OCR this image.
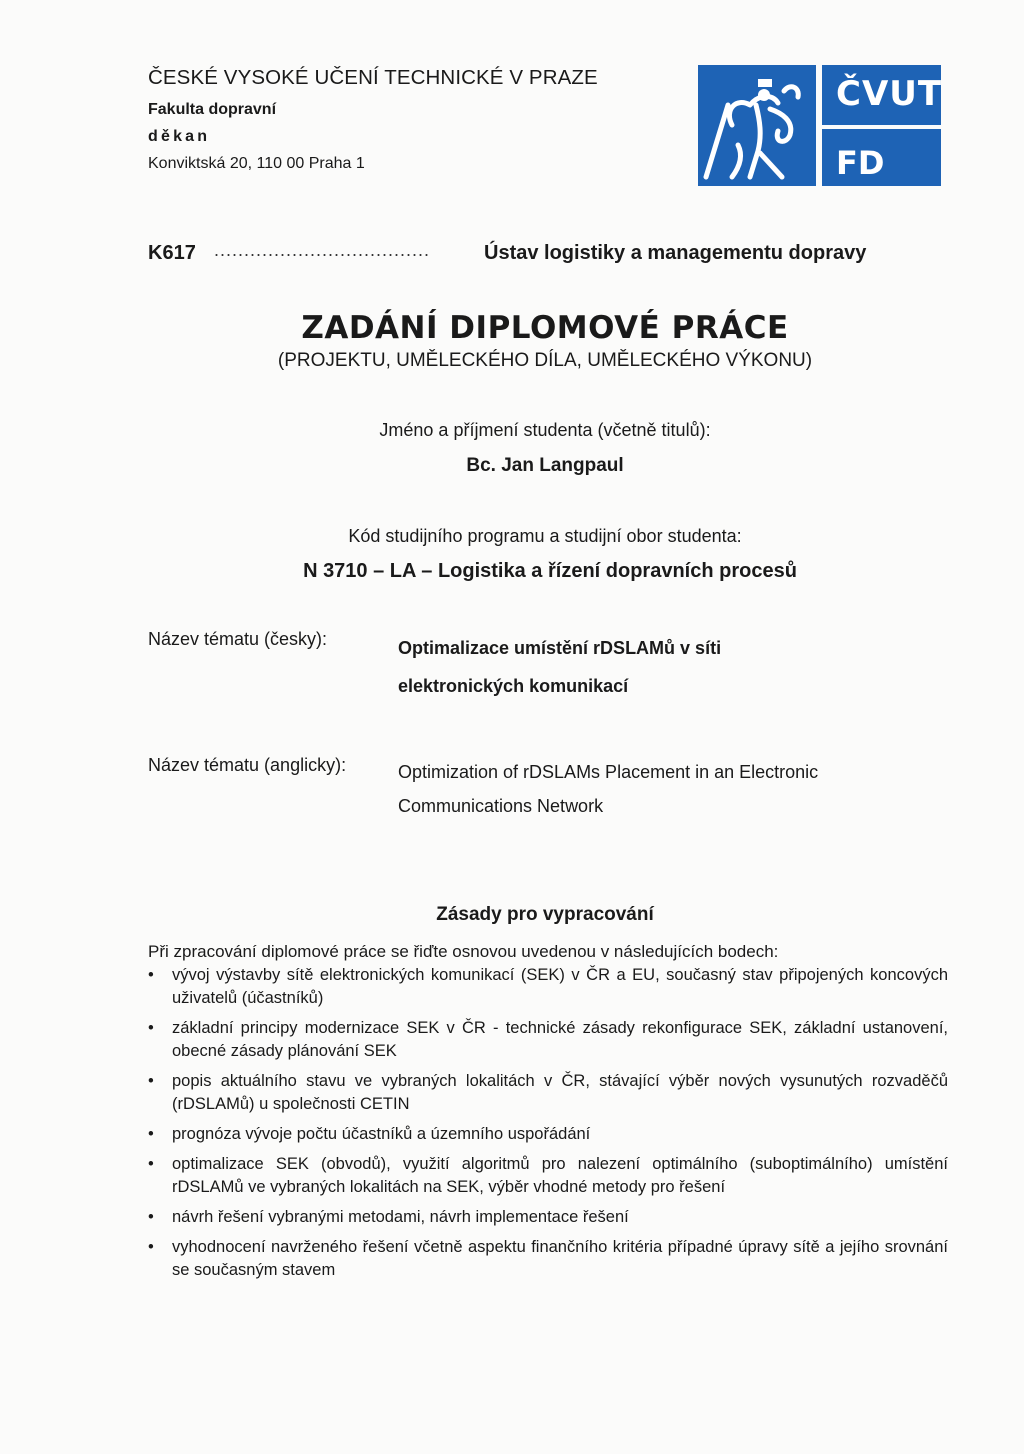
ČESKÉ VYSOKÉ UČENÍ TECHNICKÉ V PRAZE
Fakulta dopravní
děkan
Konviktská 20, 110 00 Praha 1
ČVUT
FD
K617 ....................................	Ústav logistiky a managementu dopravy
ZADÁNÍ DIPLOMOVÉ PRÁCE
(PROJEKTU, UMĚLECKÉHO DÍLA, UMĚLECKÉHO VÝKONU)
Jméno a příjmení studenta (včetně titulů):
Bc. Jan Langpaul
Kód studijního programu a studijní obor studenta:
N 3710 – LA – Logistika a řízení dopravních procesů
Název tématu (česky):	Optimalizace umístění rDSLAMů v síti elektronických komunikací
Název tématu (anglicky):	Optimization of rDSLAMs Placement in an Electronic Communications Network
Zásady pro vypracování
Při zpracování diplomové práce se řiďte osnovou uvedenou v následujících bodech:
• vývoj výstavby sítě elektronických komunikací (SEK) v ČR a EU, současný stav připojených koncových uživatelů (účastníků)
• základní principy modernizace SEK v ČR - technické zásady rekonfigurace SEK, základní ustanovení, obecné zásady plánování SEK
• popis aktuálního stavu ve vybraných lokalitách v ČR, stávající výběr nových vysunutých rozvaděčů (rDSLAMů) u společnosti CETIN
• prognóza vývoje počtu účastníků a územního uspořádání
• optimalizace SEK (obvodů), využití algoritmů pro nalezení optimálního (suboptimálního) umístění rDSLAMů ve vybraných lokalitách na SEK, výběr vhodné metody pro řešení
• návrh řešení vybranými metodami, návrh implementace řešení
• vyhodnocení navrženého řešení včetně aspektu finančního kritéria případné úpravy sítě a jejího srovnání se současným stavem
